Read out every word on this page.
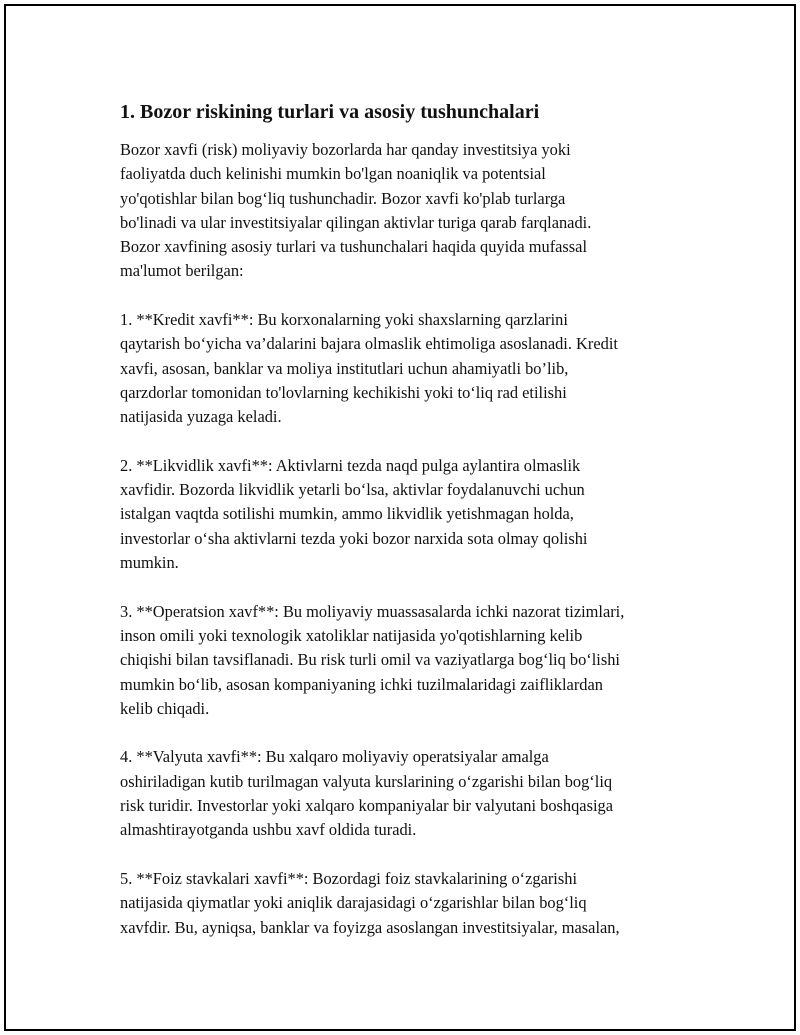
1. Bozor riskining turlari va asosiy tushunchalari

Bozor xavfi (risk) moliyaviy bozorlarda har qanday investitsiya yoki
faoliyatda duch kelinishi mumkin bo'lgan noaniqlik va potentsial
yo'qotishlar bilan bog‘liq tushunchadir. Bozor xavfi ko'plab turlarga
bo'linadi va ular investitsiyalar qilingan aktivlar turiga qarab farqlanadi.
Bozor xavfining asosiy turlari va tushunchalari haqida quyida mufassal
ma'lumot berilgan:

1. **Kredit xavfi**: Bu korxonalarning yoki shaxslarning qarzlarini
qaytarish bo‘yicha va’dalarini bajara olmaslik ehtimoliga asoslanadi. Kredit
xavfi, asosan, banklar va moliya institutlari uchun ahamiyatli bo’lib,
qarzdorlar tomonidan to'lovlarning kechikishi yoki to‘liq rad etilishi
natijasida yuzaga keladi.

2. **Likvidlik xavfi**: Aktivlarni tezda naqd pulga aylantira olmaslik
xavfidir. Bozorda likvidlik yetarli bo‘lsa, aktivlar foydalanuvchi uchun
istalgan vaqtda sotilishi mumkin, ammo likvidlik yetishmagan holda,
investorlar o‘sha aktivlarni tezda yoki bozor narxida sota olmay qolishi
mumkin.

3. **Operatsion xavf**: Bu moliyaviy muassasalarda ichki nazorat tizimlari,
inson omili yoki texnologik xatoliklar natijasida yo'qotishlarning kelib
chiqishi bilan tavsiflanadi. Bu risk turli omil va vaziyatlarga bog‘liq bo‘lishi
mumkin bo‘lib, asosan kompaniyaning ichki tuzilmalaridagi zaifliklardan
kelib chiqadi.

4. **Valyuta xavfi**: Bu xalqaro moliyaviy operatsiyalar amalga
oshiriladigan kutib turilmagan valyuta kurslarining o‘zgarishi bilan bog‘liq
risk turidir. Investorlar yoki xalqaro kompaniyalar bir valyutani boshqasiga
almashtirayotganda ushbu xavf oldida turadi.

5. **Foiz stavkalari xavfi**: Bozordagi foiz stavkalarining o‘zgarishi
natijasida qiymatlar yoki aniqlik darajasidagi o‘zgarishlar bilan bog‘liq
xavfdir. Bu, ayniqsa, banklar va foyizga asoslangan investitsiyalar, masalan,
